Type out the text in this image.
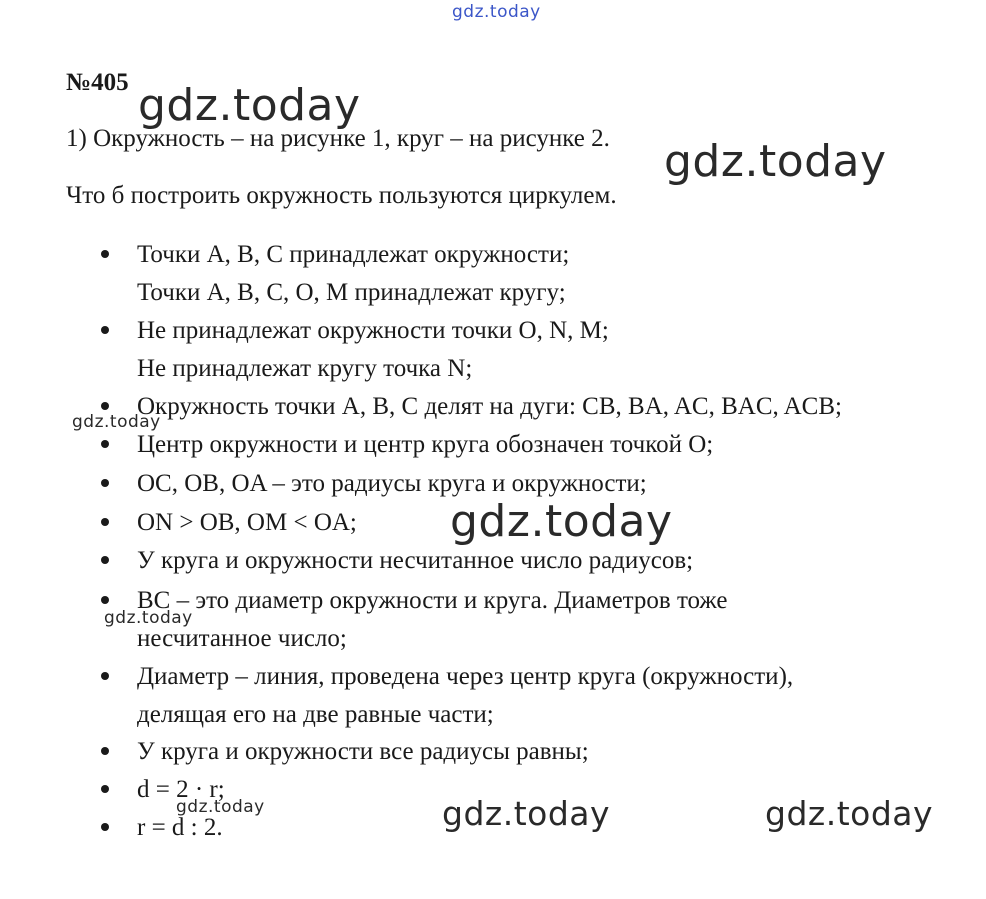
№405

1) Окружность – на рисунке 1, круг – на рисунке 2.

Что б построить окружность пользуются циркулем.

Точки A, B, C принадлежат окружности;
Точки A, B, C, O, M принадлежат кругу;
Не принадлежат окружности точки O, N, M;
Не принадлежат кругу точка N;
Окружность точки A, B, C делят на дуги: CB, BA, AC, BAC, ACB;
Центр окружности и центр круга обозначен точкой O;
OC, OB, OA – это радиусы круга и окружности;
ON > OB, OM < OA;
У круга и окружности несчитанное число радиусов;
BC – это диаметр окружности и круга. Диаметров тоже
несчитанное число;
Диаметр – линия, проведена через центр круга (окружности),
делящая его на две равные части;
У круга и окружности все радиусы равны;
d = 2 · r;
r = d : 2.
gdz.today
gdz.today
gdz.today
gdz.today
gdz.today
gdz.today
gdz.today	gdz.today	gdz.today
